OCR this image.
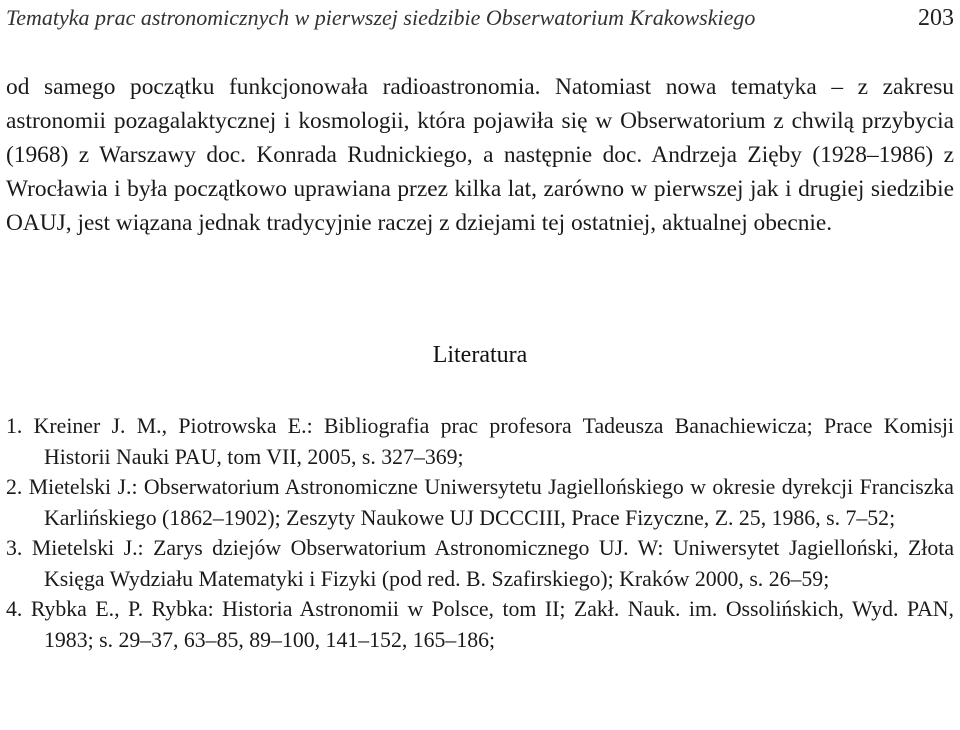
Tematyka prac astronomicznych w pierwszej siedzibie Obserwatorium Krakowskiego	203

od samego początku funkcjonowała radioastronomia. Natomiast nowa tematyka – z zakresu astronomii pozagalaktycznej i kosmologii, która pojawiła się w Obserwatorium z chwilą przybycia (1968) z Warszawy doc. Konrada Rudnickiego, a następnie doc. Andrzeja Zięby (1928–1986) z Wrocławia i była początkowo uprawiana przez kilka lat, zarówno w pierwszej jak i drugiej siedzibie OAUJ, jest wiązana jednak tradycyjnie raczej z dziejami tej ostatniej, aktualnej obecnie.

Literatura
1. Kreiner J. M., Piotrowska E.: Bibliografia prac profesora Tadeusza Banachiewicza; Prace Komisji Historii Nauki PAU, tom VII, 2005, s. 327–369;
2. Mietelski J.: Obserwatorium Astronomiczne Uniwersytetu Jagiellońskiego w okresie dyrekcji Franciszka Karlińskiego (1862–1902); Zeszyty Naukowe UJ DCCCIII, Prace Fizyczne, Z. 25, 1986, s. 7–52;
3. Mietelski J.: Zarys dziejów Obserwatorium Astronomicznego UJ. W: Uniwersytet Jagielloński, Złota Księga Wydziału Matematyki i Fizyki (pod red. B. Szafirskiego); Kraków 2000, s. 26–59;
4. Rybka E., P. Rybka: Historia Astronomii w Polsce, tom II; Zakł. Nauk. im. Ossolińskich, Wyd. PAN, 1983; s. 29–37, 63–85, 89–100, 141–152, 165–186;
